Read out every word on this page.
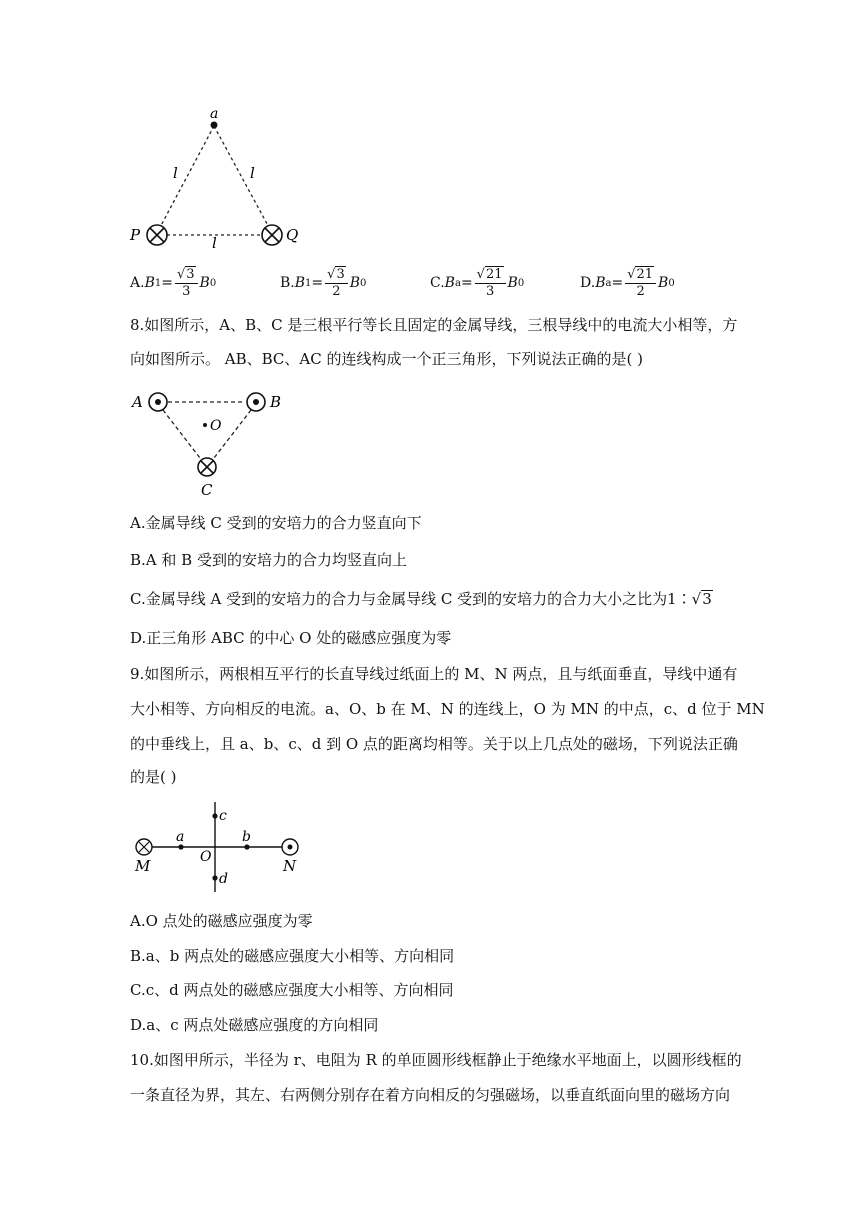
a
l	l
P	Q
l
A. B $1 = \frac{√3}{3}$ B 0	B. B $1 = \frac{√3}{2}$ B 0	C. B $a = \frac{√21}{3}$ B 0	D. B $a = \frac{√21}{2}$ B 0
8.如图所示，A、B、C 是三根平行等长且固定的金属导线，三根导线中的电流大小相等，方
向如图所示。 AB、BC、AC 的连线构成一个正三角形，下列说法正确的是( )
A	B
O
C
A.金属导线 C 受到的安培力的合力竖直向下
B.A 和 B 受到的安培力的合力均竖直向上
C.金属导线 A 受到的安培力的合力与金属导线 C 受到的安培力的合力大小之比为1∶√3
D.正三角形 ABC 的中心 O 处的磁感应强度为零
9.如图所示，两根相互平行的长直导线过纸面上的 M、N 两点，且与纸面垂直，导线中通有
大小相等、方向相反的电流。a、O、b 在 M、N 的连线上，O 为 MN 的中点，c、d 位于 MN
的中垂线上，且 a、b、c、d 到 O 点的距离均相等。关于以上几点处的磁场，下列说法正确
的是( )
c
a	b
O
d
M	N
A.O 点处的磁感应强度为零
B.a、b 两点处的磁感应强度大小相等、方向相同
C.c、d 两点处的磁感应强度大小相等、方向相同
D.a、c 两点处磁感应强度的方向相同
10.如图甲所示，半径为 r、电阻为 R 的单匝圆形线框静止于绝缘水平地面上，以圆形线框的
一条直径为界，其左、右两侧分别存在着方向相反的匀强磁场，以垂直纸面向里的磁场方向
